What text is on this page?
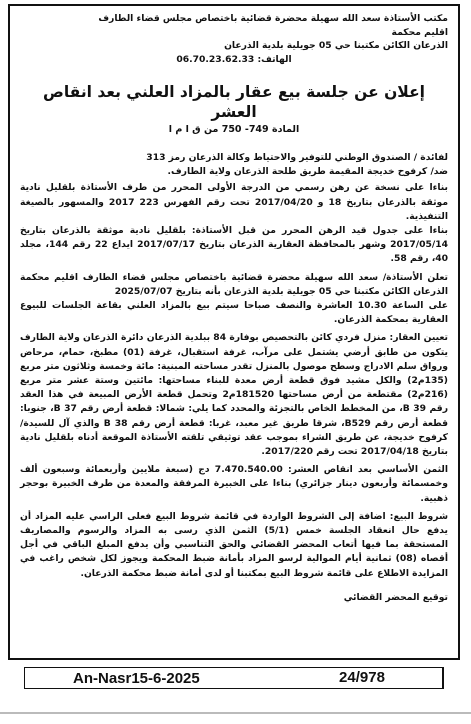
مكتب الأستاذة سعد الله سهيلة محضرة قضائية باختصاص مجلس قضاء الطارف
اقليم محكمة
الذرعان الكائن مكتبنا حي 05 جويلية بلدية الذرعان
الهاتف: 06.70.23.62.33
إعلان عن جلسة بيع عقار بالمزاد العلني بعد انقاص العشر
المادة 749- 750 من ق ا م ا
لفائدة / الصندوق الوطني للتوفير والاحتياط وكالة الذرعان رمز 313
ضد/ كرفوح خديجة المقيمة طريق طلحة الذرعان ولاية الطارف.
بناءا على نسخة عن رهن رسمي من الدرجة الأولى المحرر من طرف الأستاذة بلقليل نادية موثقة بالذرعان بتاريخ 18 و 2017/04/20 تحت رقم الفهرس 223 2017 والمسهور بالصيغة التنفيذية.
بناءا على جدول قيد الرهن المحرر من قبل الأستاذة: بلقليل نادية موثقة بالذرعان بتاريخ 2017/05/14 وشهر بالمحافظة العقارية الذرعان بتاريخ 2017/07/17 ايداع 22 رقم 144، مجلد 40، رقم 58.
تعلن الأستاذة/ سعد الله سهيلة محضرة قضائية باختصاص مجلس قضاء الطارف اقليم محكمة الذرعان الكائن مكتبنا حي 05 جويلية بلدية الذرعان بأنه بتاريخ 2025/07/07
على الساعة 10.30 العاشرة والنصف صباحا سيتم بيع بالمزاد العلني بقاعة الجلسات للبيوع العقارية بمحكمة الذرعان.
تعيين العقار: منزل فردي كائن بالتحصيص بوفارة 84 ببلدية الذرعان دائرة الذرعان ولاية الطارف يتكون من طابق أرضي يشتمل على مرآب، غرفة استقبال، غرفة (01) مطبخ، حمام، مرحاض ورواق سلم الادراج وسطح موصول بالمنزل تقدر مساحته المبنية: مائة وخمسة وثلاثون متر مربع (135م2) والكل مشيد فوق قطعة أرض معدة للبناء مساحتها: مائتين وستة عشر متر مربع (216م2) مقتطعة من أرض مساحتها 181520م2 وتحمل قطعة الأرض المبيعة في هذا العقد رقم 39 B، من المخطط الخاص بالتجزئة والمحدد كما يلي: شمالا: قطعة أرض رقم 37 B، جنوبا: قطعة أرض رقم B529، شرقا طريق غير معبد، غربا: قطعة أرض رقم 38 B والذي آل للسيدة/ كرفوح خديجة، عن طريق الشراء بموجب عقد توثيقي تلقته الأستاذة الموقعة أدناه بلقليل نادية بتاريخ 2017/04/18 تحت رقم 2017/220.
الثمن الأساسي بعد انقاص العشر: 7.470.540.00 دج (سبعة ملايين وأربعمائة وسبعون ألف وخمسمائة وأربعون دينار جزائري) بناءا على الخبيرة المرفقة والمعدة من طرف الخبيرة بوحجر ذهبية.
شروط البيع: اضافة إلى الشروط الواردة في قائمة شروط البيع فعلى الراسي عليه المزاد أن يدفع حال انعقاد الجلسة خمس (5/1) الثمن الذي رسى به المزاد والرسوم والمصاريف المستحقة بما فيها أتعاب المحضر القضائي والحق التناسبي وأن يدفع المبلغ الباقي في أجل أقصاه (08) ثمانية أيام الموالية لرسو المزاد بأمانة ضبط المحكمة ويجوز لكل شخص راغب في المزايدة الاطلاع على قائمة شروط البيع بمكتبنا أو لدى أمانة ضبط محكمة الذرعان.
توقيع المحضر القضائي
An-Nasr15-6-2025	24/978
